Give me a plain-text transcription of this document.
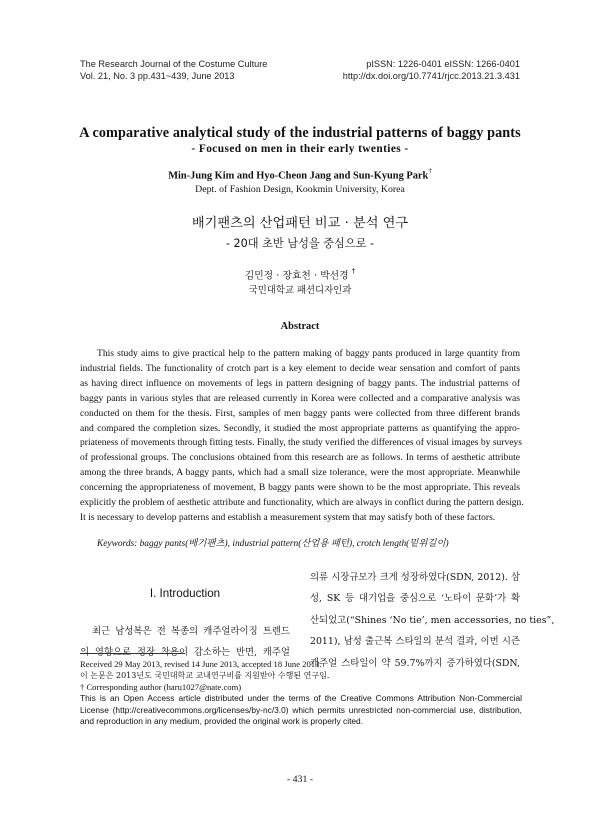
The Research Journal of the Costume Culture	pISSN: 1226-0401 eISSN: 1266-0401
Vol. 21, No. 3 pp.431~439, June 2013	http://dx.doi.org/10.7741/rjcc.2013.21.3.431
A comparative analytical study of the industrial patterns of baggy pants
- Focused on men in their early twenties -
Min-Jung Kim and Hyo-Cheon Jang and Sun-Kyung Park†
Dept. of Fashion Design, Kookmin University, Korea
배기팬츠의 산업패턴 비교 · 분석 연구
- 20대 초반 남성을 중심으로 -
김민정 · 장효천 · 박선경 †
국민대학교 패션디자인과
Abstract
This study aims to give practical help to the pattern making of baggy pants produced in large quantity from
industrial fields. The functionality of crotch part is a key element to decide wear sensation and comfort of pants
as having direct influence on movements of legs in pattern designing of baggy pants. The industrial patterns of
baggy pants in various styles that are released currently in Korea were collected and a comparative analysis was
conducted on them for the thesis. First, samples of men baggy pants were collected from three different brands
and compared the completion sizes. Secondly, it studied the most appropriate patterns as quantifying the appro-
priateness of movements through fitting tests. Finally, the study verified the differences of visual images by surveys
of professional groups. The conclusions obtained from this research are as follows. In terms of aesthetic attribute
among the three brands, A baggy pants, which had a small size tolerance, were the most appropriate. Meanwhile
concerning the appropriateness of movement, B baggy pants were shown to be the most appropriate. This reveals
explicitly the problem of aesthetic attribute and functionality, which are always in conflict during the pattern design.
It is necessary to develop patterns and establish a measurement system that may satisfy both of these factors.
Keywords: baggy pants(배기팬츠), industrial pattern(산업용 패턴), crotch length(밑위길이)
I. Introduction
최근 남성복은 전 복종의 캐주얼라이징 트렌드
의 영향으로 정장 착용이 감소하는 반면, 캐주얼
의류 시장규모가 크게 성장하였다(SDN, 2012). 삼
성, SK 등 대기업을 중심으로 ‘노타이 문화’가 확
산되었고(“Shines ‘No tie’, men accessories, no ties”,
2011), 남성 출근복 스타일의 분석 결과, 이번 시즌
캐주얼 스타일이 약 59.7%까지 증가하였다(SDN,
Received 29 May 2013, revised 14 June 2013, accepted 18 June 2013.
이 논문은 2013년도 국민대학교 교내연구비를 지원받아 수행된 연구임.
† Corresponding author (haru1027@nate.com)
This is an Open Access article distributed under the terms of the Creative Commons Attribution Non-Commercial
License (http://creativecommons.org/licenses/by-nc/3.0) which permits unrestricted non-commercial use, distribution,
and reproduction in any medium, provided the original work is properly cited.
- 431 -
